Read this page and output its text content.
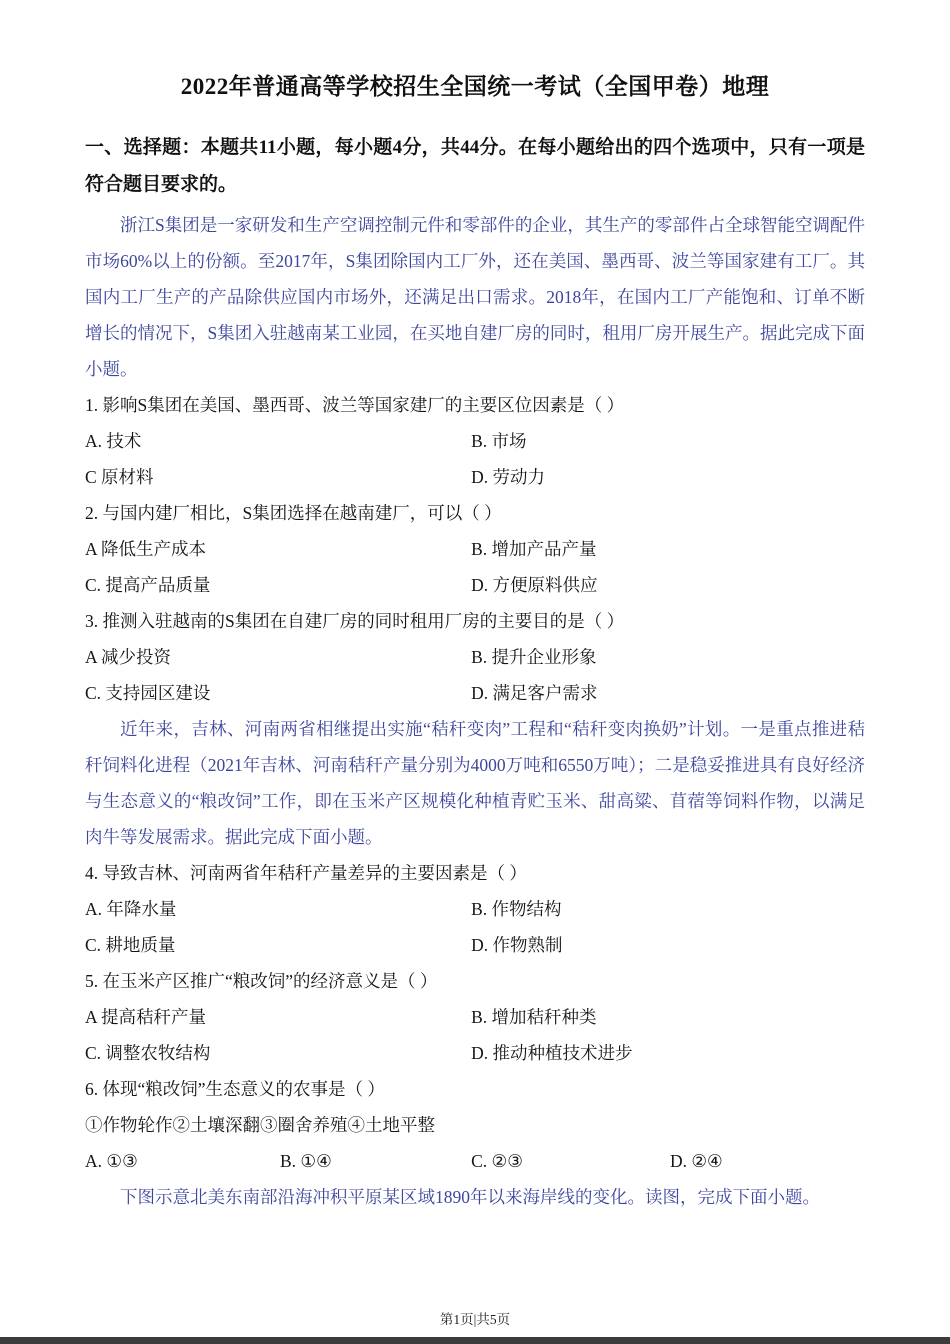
2022年普通高等学校招生全国统一考试（全国甲卷）地理

一、选择题：本题共11小题，每小题4分，共44分。在每小题给出的四个选项中，只有一项是符合题目要求的。

浙江S集团是一家研发和生产空调控制元件和零部件的企业，其生产的零部件占全球智能空调配件市场60%以上的份额。至2017年，S集团除国内工厂外，还在美国、墨西哥、波兰等国家建有工厂。其国内工厂生产的产品除供应国内市场外，还满足出口需求。2018年，在国内工厂产能饱和、订单不断增长的情况下，S集团入驻越南某工业园，在买地自建厂房的同时，租用厂房开展生产。据此完成下面小题。

1. 影响S集团在美国、墨西哥、波兰等国家建厂的主要区位因素是（ ）

A. 技术	B. 市场
C 原材料	D. 劳动力

2. 与国内建厂相比，S集团选择在越南建厂，可以（ ）

A 降低生产成本	B. 增加产品产量
C. 提高产品质量	D. 方便原料供应

3. 推测入驻越南的S集团在自建厂房的同时租用厂房的主要目的是（ ）

A 减少投资	B. 提升企业形象
C. 支持园区建设	D. 满足客户需求

近年来，吉林、河南两省相继提出实施“秸秆变肉”工程和“秸秆变肉换奶”计划。一是重点推进秸秆饲料化进程（2021年吉林、河南秸秆产量分别为4000万吨和6550万吨）；二是稳妥推进具有良好经济与生态意义的“粮改饲”工作，即在玉米产区规模化种植青贮玉米、甜高粱、苜蓿等饲料作物，以满足肉牛等发展需求。据此完成下面小题。

4. 导致吉林、河南两省年秸秆产量差异的主要因素是（ ）

A. 年降水量	B. 作物结构
C. 耕地质量	D. 作物熟制

5. 在玉米产区推广“粮改饲”的经济意义是（ ）

A 提高秸秆产量	B. 增加秸秆种类
C. 调整农牧结构	D. 推动种植技术进步

6. 体现“粮改饲”生态意义的农事是（ ）

①作物轮作②土壤深翻③圈舍养殖④土地平整

A. ①③	B. ①④	C. ②③	D. ②④

下图示意北美东南部沿海冲积平原某区域1890年以来海岸线的变化。读图，完成下面小题。

第1页|共5页
